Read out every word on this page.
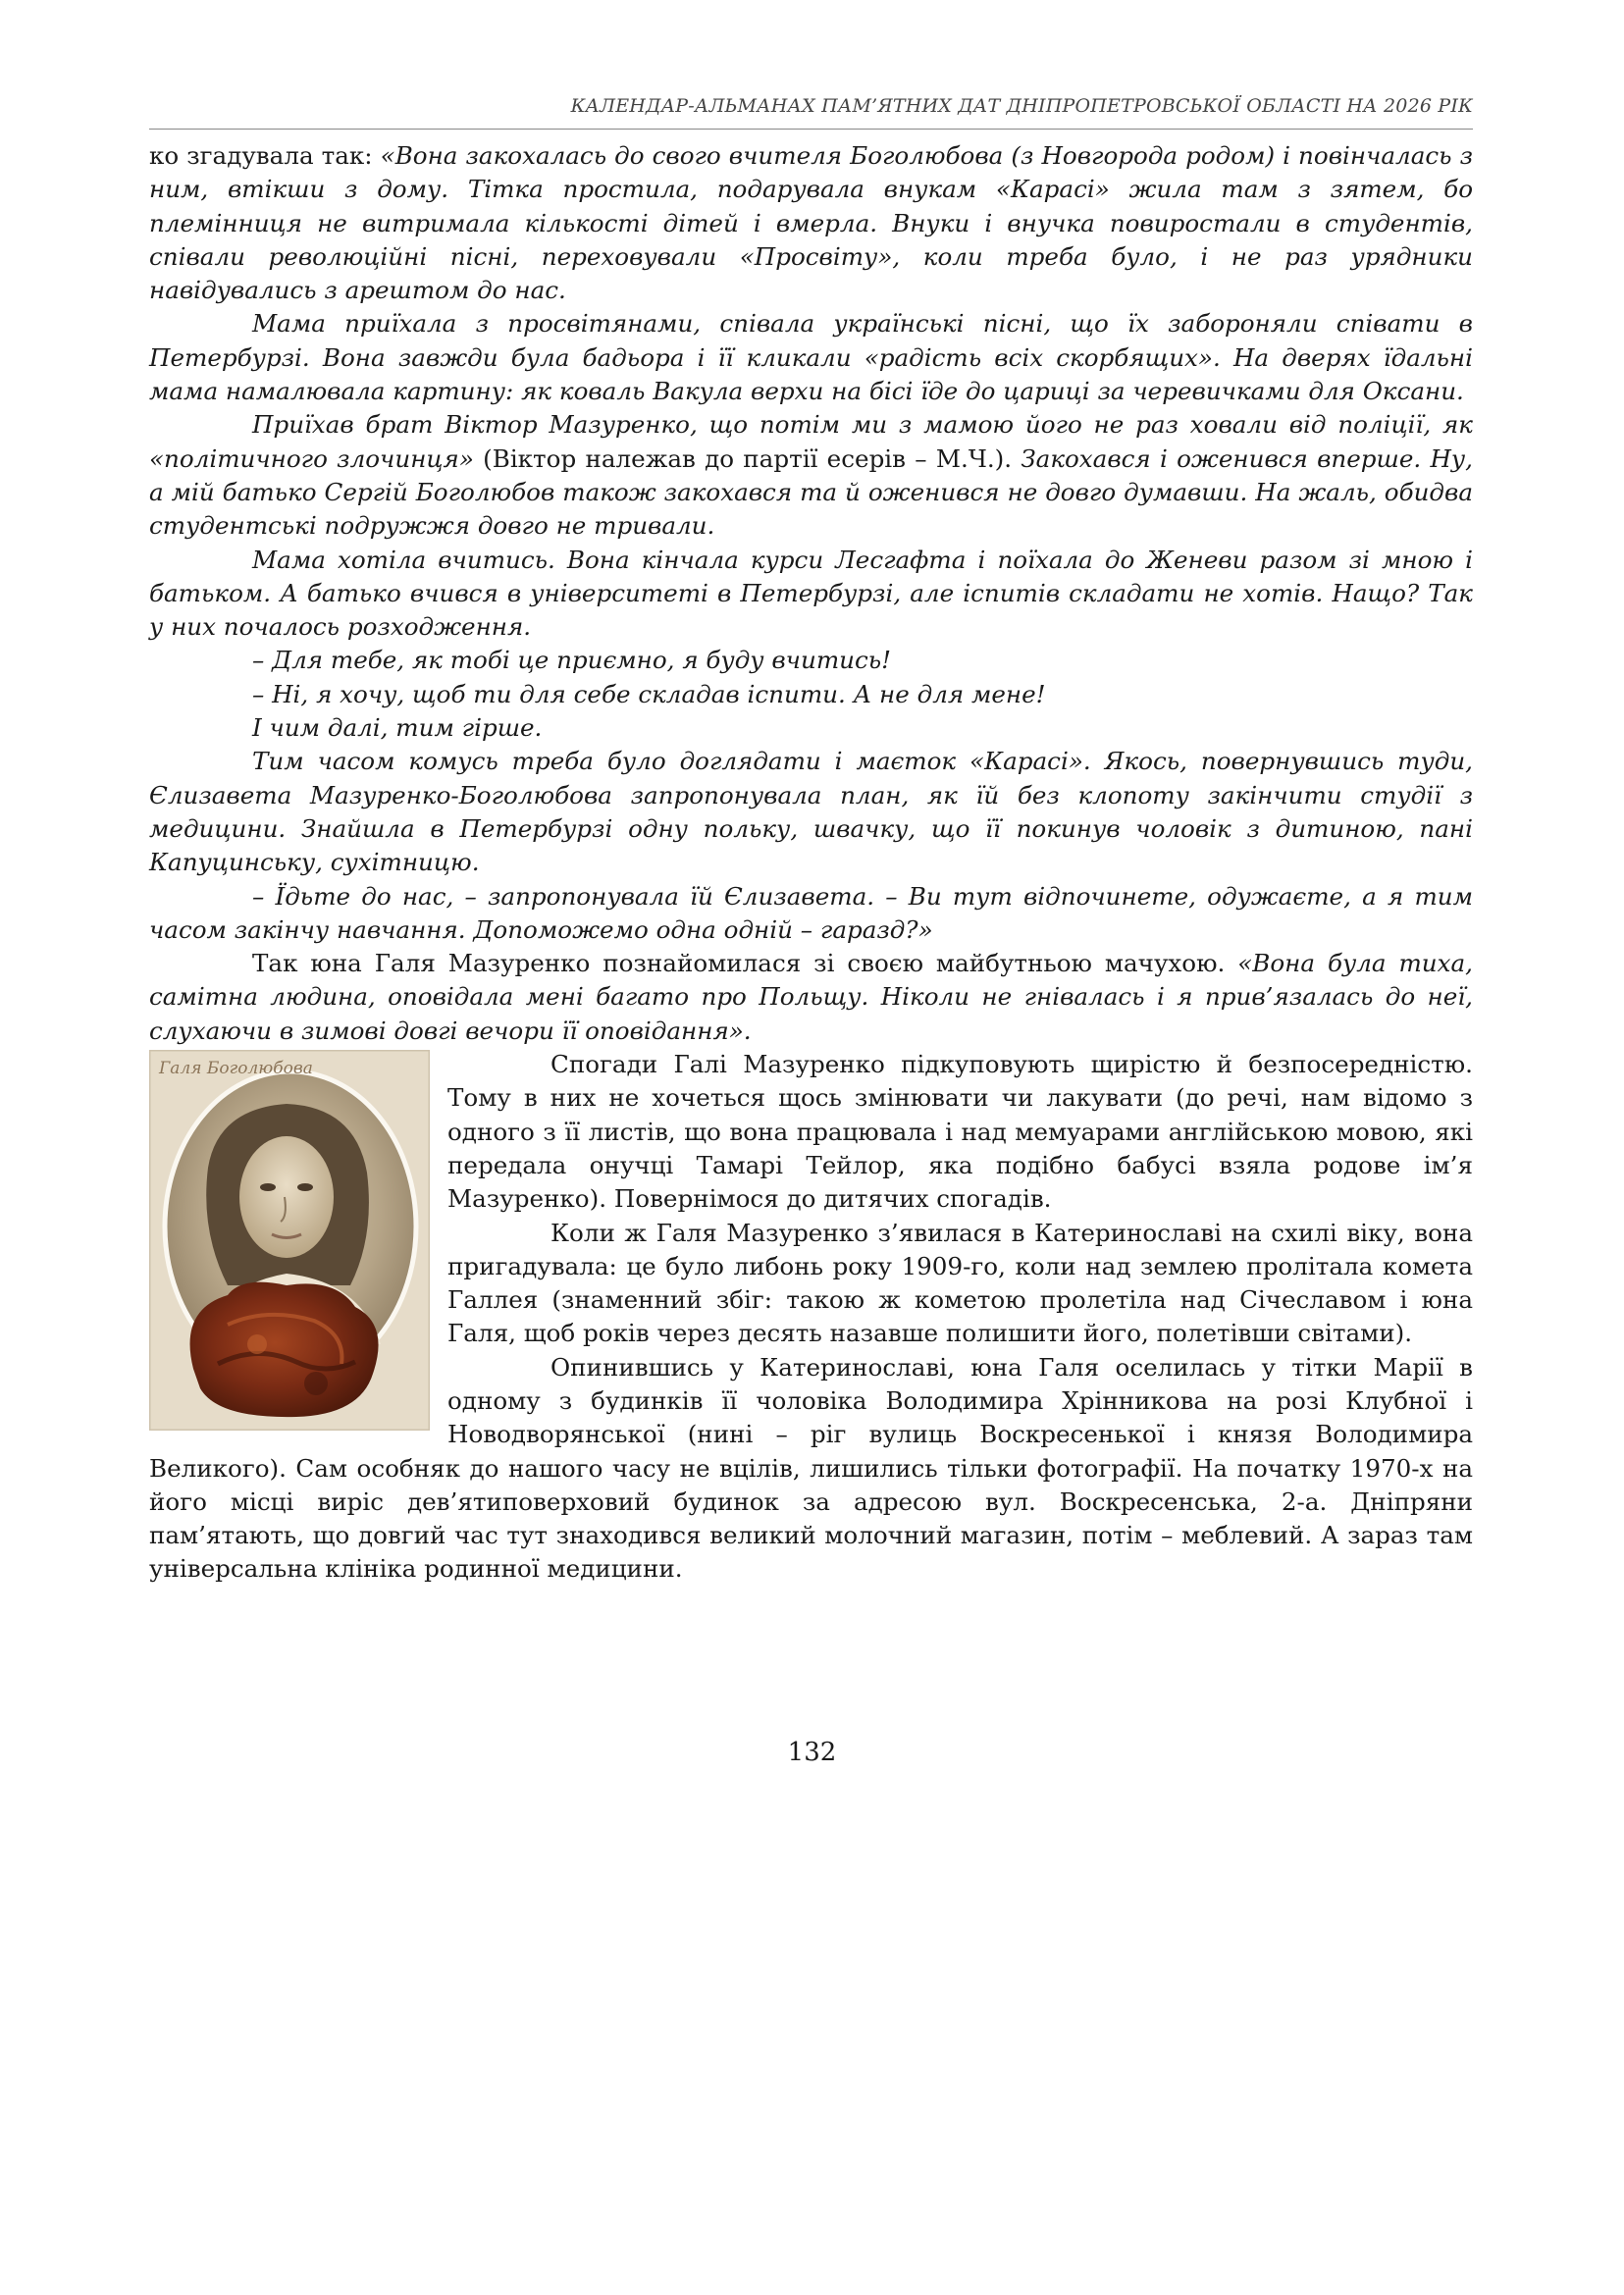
КАЛЕНДАР-АЛЬМАНАХ ПАМ’ЯТНИХ ДАТ ДНІПРОПЕТРОВСЬКОЇ ОБЛАСТІ НА 2026 РІК

ко згадувала так: «Вона закохалась до свого вчителя Боголюбова (з Новгорода родом) і повінчалась з ним, втікши з дому. Тітка простила, подарувала внукам «Карасі» жила там з зятем, бо племінниця не витримала кількості дітей і вмерла. Внуки і внучка повиростали в студентів, співали революційні пісні, переховували «Просвіту», коли треба було, і не раз урядники навідувались з арештом до нас.

Мама приїхала з просвітянами, співала українські пісні, що їх забороняли співати в Петербурзі. Вона завжди була бадьора і її кликали «радість всіх скорбящих». На дверях їдальні мама намалювала картину: як коваль Вакула верхи на бісі їде до цариці за черевичками для Оксани.

Приїхав брат Віктор Мазуренко, що потім ми з мамою його не раз ховали від поліції, як «політичного злочинця» (Віктор належав до партії есерів – М.Ч.). Закохався і оженився вперше. Ну, а мій батько Сергій Боголюбов також закохався та й оженився не довго думавши. На жаль, обидва студентські подружжя довго не тривали.

Мама хотіла вчитись. Вона кінчала курси Лесгафта і поїхала до Женеви разом зі мною і батьком. А батько вчився в університеті в Петербурзі, але іспитів складати не хотів. Нащо? Так у них почалось розходження.

– Для тебе, як тобі це приємно, я буду вчитись!

– Ні, я хочу, щоб ти для себе складав іспити. А не для мене!

І чим далі, тим гірше.

Тим часом комусь треба було доглядати і маєток «Карасі». Якось, повернувшись туди, Єлизавета Мазуренко-Боголюбова запропонувала план, як їй без клопоту закінчити студії з медицини. Знайшла в Петербурзі одну польку, швачку, що її покинув чоловік з дитиною, пані Капуцинську, сухітницю.

– Їдьте до нас, – запропонувала їй Єлизавета. – Ви тут відпочинете, одужаєте, а я тим часом закінчу навчання. Допоможемо одна одній – гаразд?»

Так юна Галя Мазуренко познайомилася зі своєю майбутньою мачухою. «Вона була тиха, самітна людина, оповідала мені багато про Польщу. Ніколи не гнівалась і я прив’язалась до неї, слухаючи в зимові довгі вечори її оповідання».

Галя Боголюбова	Спогади Галі Мазуренко підкуповують щирістю й безпосередністю. Тому в них не хочеться щось змінювати чи лакувати (до речі, нам відомо з одного з її листів, що вона працювала і над мемуарами англійською мовою, які передала онучці Тамарі Тейлор, яка подібно бабусі взяла родове ім’я Мазуренко). Повернімося до дитячих спогадів.

Коли ж Галя Мазуренко з’явилася в Катеринославі на схилі віку, вона пригадувала: це було либонь року 1909-го, коли над землею пролітала комета Галлея (знаменний збіг: такою ж кометою пролетіла над Січеславом і юна Галя, щоб років через десять назавше полишити його, полетівши світами).

Опинившись у Катеринославі, юна Галя оселилась у тітки Марії в одному з будинків її чоловіка Володимира Хрінникова на розі Клубної і Новодворянської (нині – ріг вулиць Воскресенької і князя Володимира Великого). Сам особняк до нашого часу не вцілів, лишились тільки фотографії. На початку 1970-х на його місці виріс дев’ятиповерховий будинок за адресою вул. Воскресенська, 2-а. Дніпряни пам’ятають, що довгий час тут знаходився великий молочний магазин, потім – меблевий. А зараз там універсальна клініка родинної медицини.

132
